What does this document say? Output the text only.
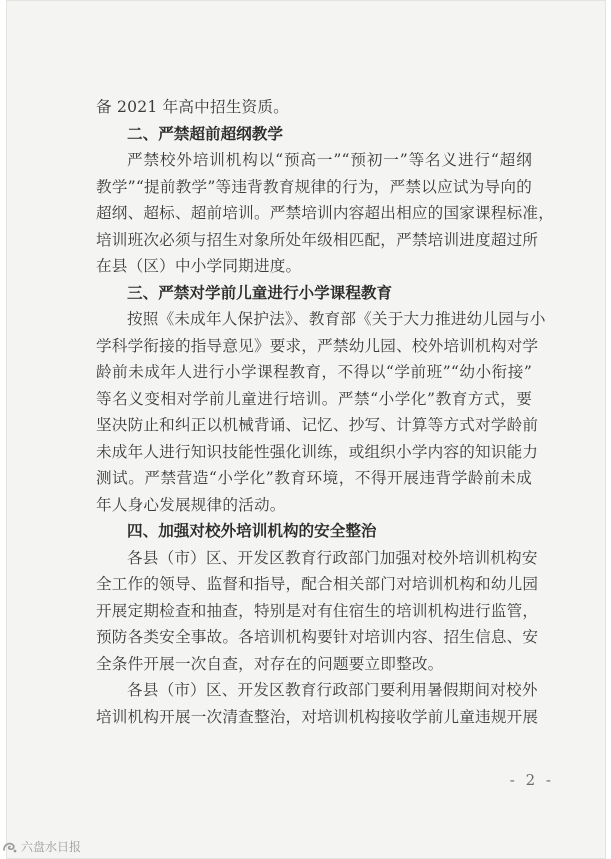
备 2021 年高中招生资质。
二、严禁超前超纲教学
严禁校外培训机构以“预高一”“预初一”等名义进行“超纲
教学”“提前教学”等违背教育规律的行为，严禁以应试为导向的
超纲、超标、超前培训。严禁培训内容超出相应的国家课程标准，
培训班次必须与招生对象所处年级相匹配，严禁培训进度超过所
在县（区）中小学同期进度。
三、严禁对学前儿童进行小学课程教育
按照《未成年人保护法》、教育部《关于大力推进幼儿园与小
学科学衔接的指导意见》要求，严禁幼儿园、校外培训机构对学
龄前未成年人进行小学课程教育，不得以“学前班”“幼小衔接”
等名义变相对学前儿童进行培训。严禁“小学化”教育方式，要
坚决防止和纠正以机械背诵、记忆、抄写、计算等方式对学龄前
未成年人进行知识技能性强化训练，或组织小学内容的知识能力
测试。严禁营造“小学化”教育环境，不得开展违背学龄前未成
年人身心发展规律的活动。
四、加强对校外培训机构的安全整治
各县（市）区、开发区教育行政部门加强对校外培训机构安
全工作的领导、监督和指导，配合相关部门对培训机构和幼儿园
开展定期检查和抽查，特别是对有住宿生的培训机构进行监管，
预防各类安全事故。各培训机构要针对培训内容、招生信息、安
全条件开展一次自查，对存在的问题要立即整改。
各县（市）区、开发区教育行政部门要利用暑假期间对校外
培训机构开展一次清查整治，对培训机构接收学前儿童违规开展
- 2 -
六盘水日报
